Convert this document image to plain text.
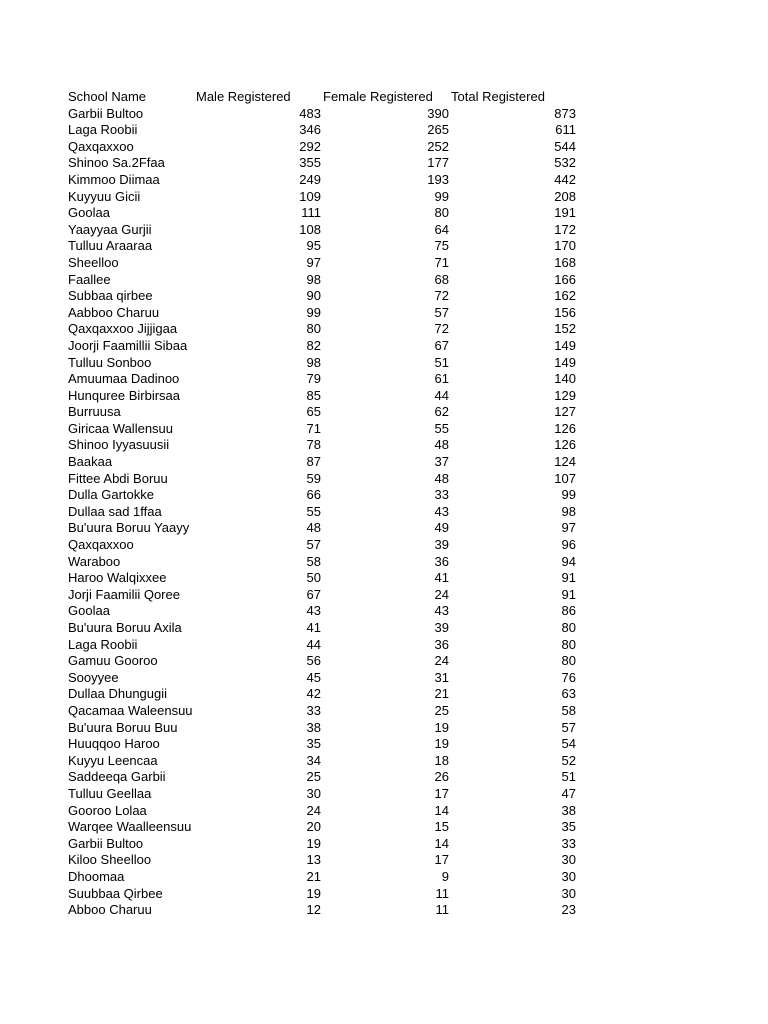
School Name	Male Registered	Female Registered	Total Registered
Garbii Bultoo	483	390	873
Laga Roobii	346	265	611
Qaxqaxxoo	292	252	544
Shinoo Sa.2Ffaa	355	177	532
Kimmoo Diimaa	249	193	442
Kuyyuu Gicii	109	99	208
Goolaa	111	80	191
Yaayyaa Gurjii	108	64	172
Tulluu Araaraa	95	75	170
Sheelloo	97	71	168
Faallee	98	68	166
Subbaa qirbee	90	72	162
Aabboo Charuu	99	57	156
Qaxqaxxoo Jijjigaa	80	72	152
Joorji Faamillii Sibaa	82	67	149
Tulluu Sonboo	98	51	149
Amuumaa Dadinoo	79	61	140
Hunquree Birbirsaa	85	44	129
Burruusa	65	62	127
Giricaa Wallensuu	71	55	126
Shinoo Iyyasuusii	78	48	126
Baakaa	87	37	124
Fittee Abdi Boruu	59	48	107
Dulla Gartokke	66	33	99
Dullaa sad 1ffaa	55	43	98
Bu'uura Boruu Yaayy	48	49	97
Qaxqaxxoo	57	39	96
Waraboo	58	36	94
Haroo Walqixxee	50	41	91
Jorji Faamilii Qoree	67	24	91
Goolaa	43	43	86
Bu'uura Boruu Axila	41	39	80
Laga Roobii	44	36	80
Gamuu Gooroo	56	24	80
Sooyyee	45	31	76
Dullaa Dhungugii	42	21	63
Qacamaa Waleensuu	33	25	58
Bu'uura Boruu Buu	38	19	57
Huuqqoo Haroo	35	19	54
Kuyyu Leencaa	34	18	52
Saddeeqa Garbii	25	26	51
Tulluu Geellaa	30	17	47
Gooroo Lolaa	24	14	38
Warqee Waalleensuu	20	15	35
Garbii Bultoo	19	14	33
Kiloo Sheelloo	13	17	30
Dhoomaa	21	9	30
Suubbaa Qirbee	19	11	30
Abboo Charuu	12	11	23
